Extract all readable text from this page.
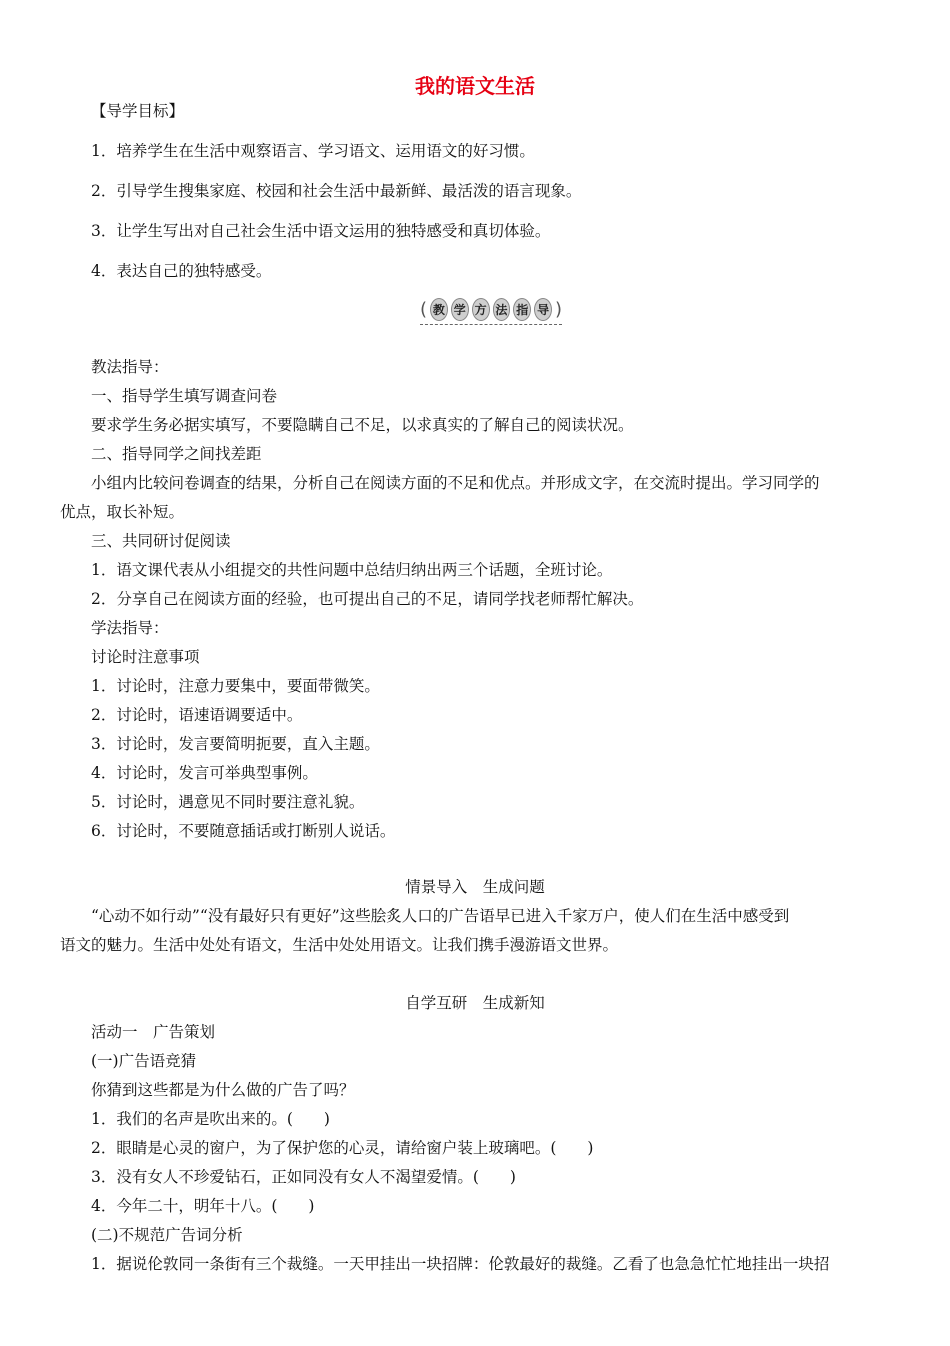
我的语文生活
【导学目标】
1．培养学生在生活中观察语言、学习语文、运用语文的好习惯。
2．引导学生搜集家庭、校园和社会生活中最新鲜、最活泼的语言现象。
3．让学生写出对自己社会生活中语文运用的独特感受和真切体验。
4．表达自己的独特感受。
( 教 学 方 法 指 导 )
教法指导：
一、指导学生填写调查问卷
要求学生务必据实填写，不要隐瞒自己不足，以求真实的了解自己的阅读状况。
二、指导同学之间找差距
小组内比较问卷调查的结果，分析自己在阅读方面的不足和优点。并形成文字，在交流时提出。学习同学的
优点，取长补短。
三、共同研讨促阅读
1．语文课代表从小组提交的共性问题中总结归纳出两三个话题，全班讨论。
2．分享自己在阅读方面的经验，也可提出自己的不足，请同学找老师帮忙解决。
学法指导：
讨论时注意事项
1．讨论时，注意力要集中，要面带微笑。
2．讨论时，语速语调要适中。
3．讨论时，发言要简明扼要，直入主题。
4．讨论时，发言可举典型事例。
5．讨论时，遇意见不同时要注意礼貌。
6．讨论时，不要随意插话或打断别人说话。
情景导入　生成问题
“心动不如行动”“没有最好只有更好”这些脍炙人口的广告语早已进入千家万户，使人们在生活中感受到
语文的魅力。生活中处处有语文，生活中处处用语文。让我们携手漫游语文世界。
自学互研　生成新知
活动一　广告策划
(一)广告语竞猜
你猜到这些都是为什么做的广告了吗？
1．我们的名声是吹出来的。(　　)
2．眼睛是心灵的窗户，为了保护您的心灵，请给窗户装上玻璃吧。(　　)
3．没有女人不珍爱钻石，正如同没有女人不渴望爱情。(　　)
4．今年二十，明年十八。(　　)
(二)不规范广告词分析
1．据说伦敦同一条街有三个裁缝。一天甲挂出一块招牌：伦敦最好的裁缝。乙看了也急急忙忙地挂出一块招
